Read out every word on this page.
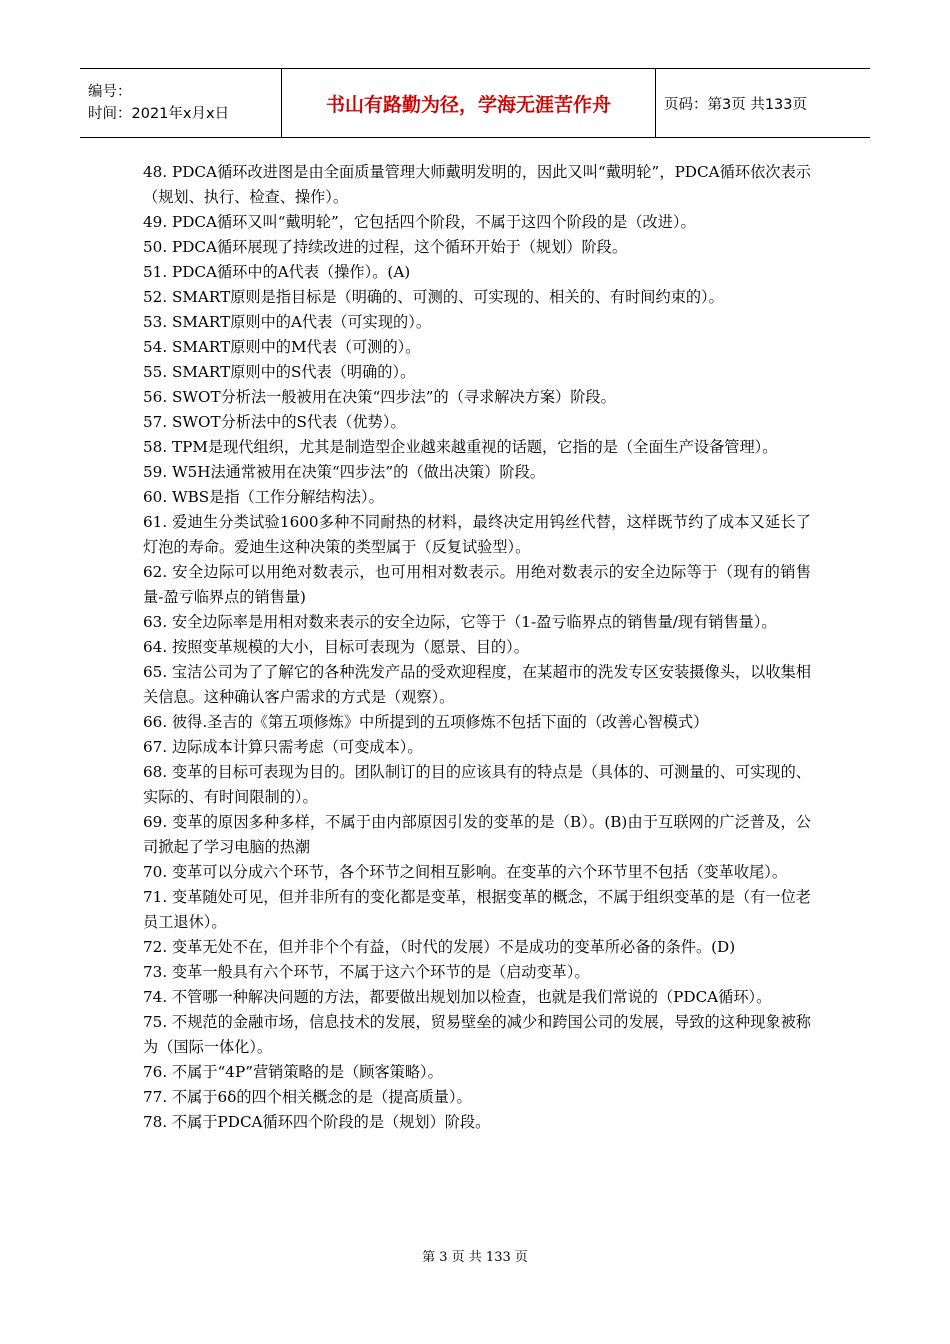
编号：
时间：2021年x月x日	书山有路勤为径，学海无涯苦作舟	页码：第3页 共133页

48. PDCA循环改进图是由全面质量管理大师戴明发明的，因此又叫“戴明轮”，PDCA循环依次表示（规划、执行、检查、操作）。

49. PDCA循环又叫“戴明轮”，它包括四个阶段，不属于这四个阶段的是（改进）。

50. PDCA循环展现了持续改进的过程，这个循环开始于（规划）阶段。

51. PDCA循环中的A代表（操作）。(A)

52. SMART原则是指目标是（明确的、可测的、可实现的、相关的、有时间约束的）。

53. SMART原则中的A代表（可实现的）。

54. SMART原则中的M代表（可测的）。

55. SMART原则中的S代表（明确的）。

56. SWOT分析法一般被用在决策“四步法”的（寻求解决方案）阶段。

57. SWOT分析法中的S代表（优势）。

58. TPM是现代组织，尤其是制造型企业越来越重视的话题，它指的是（全面生产设备管理）。

59. W5H法通常被用在决策“四步法”的（做出决策）阶段。

60. WBS是指（工作分解结构法）。

61. 爱迪生分类试验1600多种不同耐热的材料，最终决定用钨丝代替，这样既节约了成本又延长了灯泡的寿命。爱迪生这种决策的类型属于（反复试验型）。

62. 安全边际可以用绝对数表示，也可用相对数表示。用绝对数表示的安全边际等于（现有的销售量-盈亏临界点的销售量)

63. 安全边际率是用相对数来表示的安全边际，它等于（1-盈亏临界点的销售量/现有销售量）。

64. 按照变革规模的大小，目标可表现为（愿景、目的）。

65. 宝洁公司为了了解它的各种洗发产品的受欢迎程度，在某超市的洗发专区安装摄像头，以收集相关信息。这种确认客户需求的方式是（观察）。

66. 彼得.圣吉的《第五项修炼》中所提到的五项修炼不包括下面的（改善心智模式）

67. 边际成本计算只需考虑（可变成本）。

68. 变革的目标可表现为目的。团队制订的目的应该具有的特点是（具体的、可测量的、可实现的、实际的、有时间限制的）。

69. 变革的原因多种多样，不属于由内部原因引发的变革的是（B）。(B)由于互联网的广泛普及，公司掀起了学习电脑的热潮

70. 变革可以分成六个环节，各个环节之间相互影响。在变革的六个环节里不包括（变革收尾）。

71. 变革随处可见，但并非所有的变化都是变革，根据变革的概念，不属于组织变革的是（有一位老员工退休）。

72. 变革无处不在，但并非个个有益，（时代的发展）不是成功的变革所必备的条件。(D)

73. 变革一般具有六个环节，不属于这六个环节的是（启动变革）。

74. 不管哪一种解决问题的方法，都要做出规划加以检查，也就是我们常说的（PDCA循环）。

75. 不规范的金融市场，信息技术的发展，贸易壁垒的减少和跨国公司的发展，导致的这种现象被称为（国际一体化）。

76. 不属于“4P”营销策略的是（顾客策略）。

77. 不属于6δ的四个相关概念的是（提高质量）。

78. 不属于PDCA循环四个阶段的是（规划）阶段。

第 3 页 共 133 页
